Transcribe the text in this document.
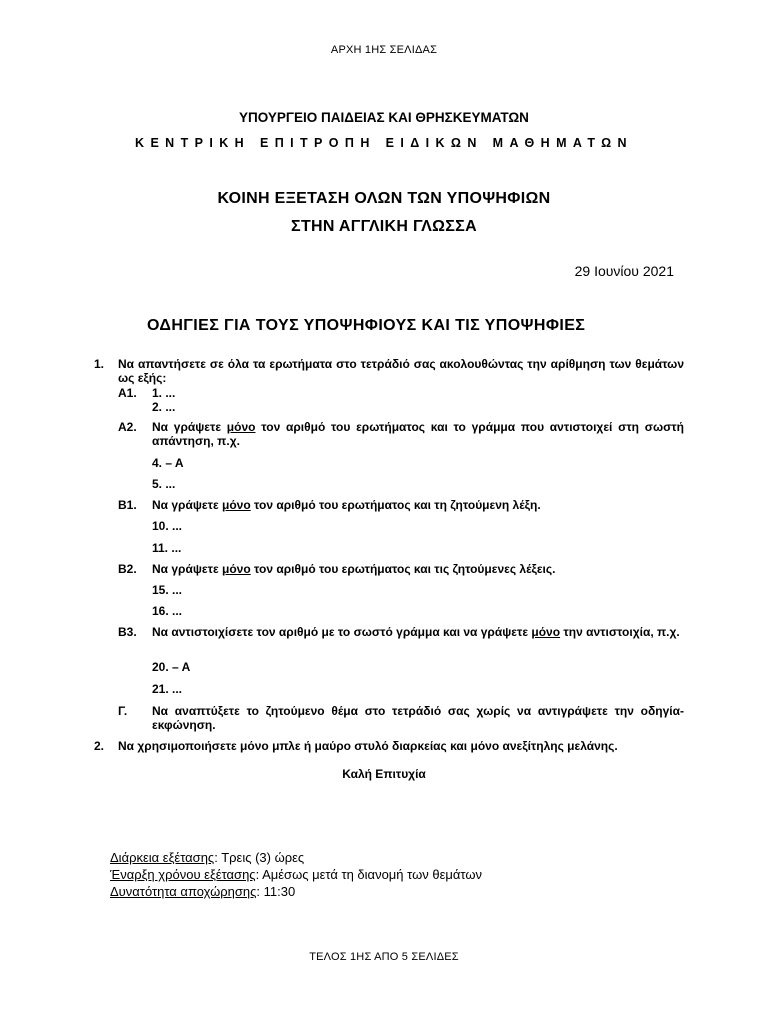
ΑΡΧΗ 1ΗΣ ΣΕΛΙΔΑΣ
ΥΠΟΥΡΓΕΙΟ ΠΑΙΔΕΙΑΣ ΚΑΙ ΘΡΗΣΚΕΥΜΑΤΩΝ
ΚΕΝΤΡΙΚΗ ΕΠΙΤΡΟΠΗ ΕΙΔΙΚΩΝ ΜΑΘΗΜΑΤΩΝ
ΚΟΙΝΗ ΕΞΕΤΑΣΗ ΟΛΩΝ ΤΩΝ ΥΠΟΨΗΦΙΩΝ
ΣΤΗΝ ΑΓΓΛΙΚΗ ΓΛΩΣΣΑ
29 Ιουνίου 2021
ΟΔΗΓΙΕΣ ΓΙΑ ΤΟΥΣ ΥΠΟΨΗΦΙΟΥΣ ΚΑΙ ΤΙΣ ΥΠΟΨΗΦΙΕΣ
1. Να απαντήσετε σε όλα τα ερωτήματα στο τετράδιό σας ακολουθώντας την αρίθμηση των θεμάτων ως εξής:
Α1. 1. ...
2. ...
Α2. Να γράψετε μόνο τον αριθμό του ερωτήματος και το γράμμα που αντιστοιχεί στη σωστή απάντηση, π.χ.
4. – Α
5. ...
Β1. Να γράψετε μόνο τον αριθμό του ερωτήματος και τη ζητούμενη λέξη.
10. ...
11. ...
Β2. Να γράψετε μόνο τον αριθμό του ερωτήματος και τις ζητούμενες λέξεις.
15. ...
16. ...
Β3. Να αντιστοιχίσετε τον αριθμό με το σωστό γράμμα και να γράψετε μόνο την αντιστοιχία, π.χ.
20. – Α
21. ...
Γ. Να αναπτύξετε το ζητούμενο θέμα στο τετράδιό σας χωρίς να αντιγράψετε την οδηγία-εκφώνηση.
2. Να χρησιμοποιήσετε μόνο μπλε ή μαύρο στυλό διαρκείας και μόνο ανεξίτηλης μελάνης.
Καλή Επιτυχία
Διάρκεια εξέτασης: Τρεις (3) ώρες
Έναρξη χρόνου εξέτασης: Αμέσως μετά τη διανομή των θεμάτων
Δυνατότητα αποχώρησης: 11:30
ΤΕΛΟΣ 1ΗΣ ΑΠΟ 5 ΣΕΛΙΔΕΣ
